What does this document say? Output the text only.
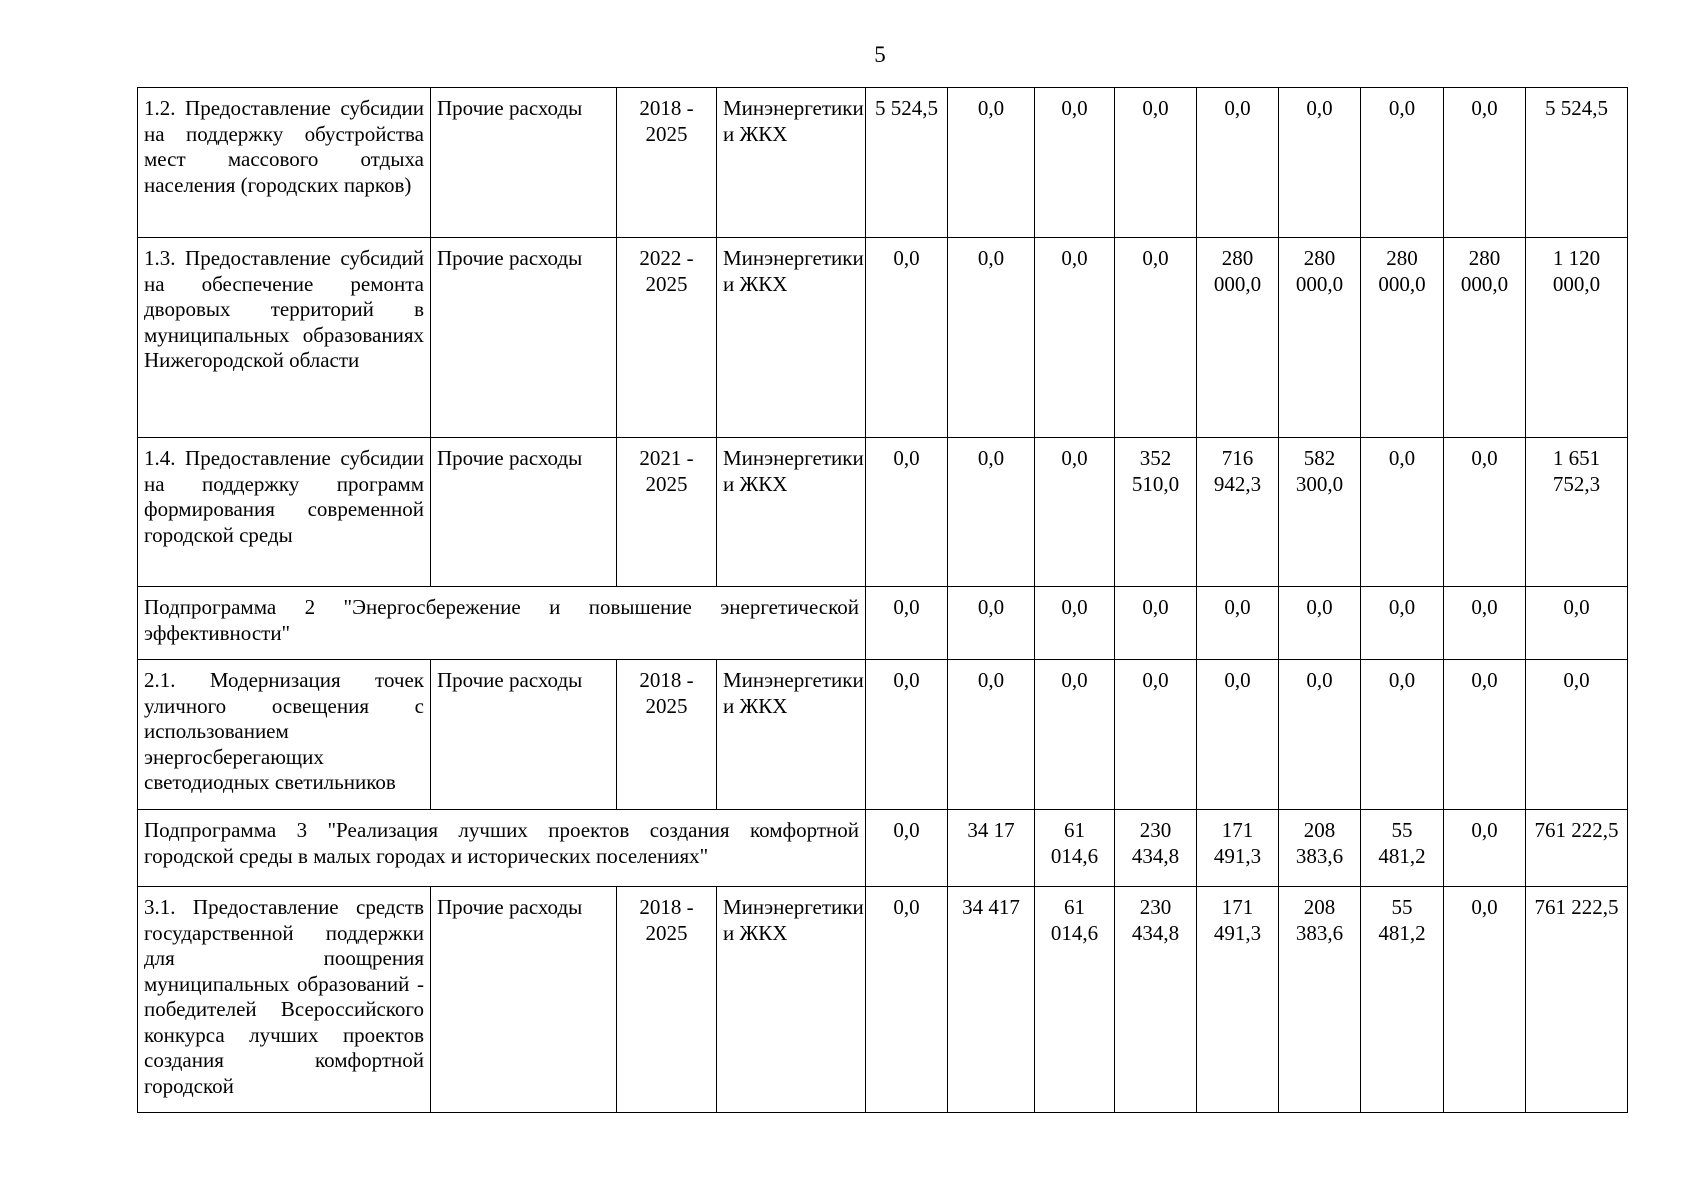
5
1.2. Предоставление субсидии на поддержку обустройства мест массового отдыха населения (городских парков)	Прочие расходы	2018 - 2025	Минэнергетики и ЖКХ	5 524,5	0,0	0,0	0,0	0,0	0,0	0,0	0,0	5 524,5
1.3. Предоставление субсидий на обеспечение ремонта дворовых территорий в муниципальных образованиях Нижегородской области	Прочие расходы	2022 - 2025	Минэнергетики и ЖКХ	0,0	0,0	0,0	0,0	280 000,0	280 000,0	280 000,0	280 000,0	1 120 000,0
1.4. Предоставление субсидии на поддержку программ формирования современной городской среды	Прочие расходы	2021 - 2025	Минэнергетики и ЖКХ	0,0	0,0	0,0	352 510,0	716 942,3	582 300,0	0,0	0,0	1 651 752,3
Подпрограмма 2 "Энергосбережение и повышение энергетической эффективности"				0,0	0,0	0,0	0,0	0,0	0,0	0,0	0,0	0,0
2.1. Модернизация точек уличного освещения с использованием энергосберегающих светодиодных светильников	Прочие расходы	2018 - 2025	Минэнергетики и ЖКХ	0,0	0,0	0,0	0,0	0,0	0,0	0,0	0,0	0,0
Подпрограмма 3 "Реализация лучших проектов создания комфортной городской среды в малых городах и исторических поселениях"				0,0	34 17	61 014,6	230 434,8	171 491,3	208 383,6	55 481,2	0,0	761 222,5
3.1. Предоставление средств государственной поддержки для поощрения муниципальных образований - победителей Всероссийского конкурса лучших проектов создания комфортной городской	Прочие расходы	2018 - 2025	Минэнергетики и ЖКХ	0,0	34 417	61 014,6	230 434,8	171 491,3	208 383,6	55 481,2	0,0	761 222,5
